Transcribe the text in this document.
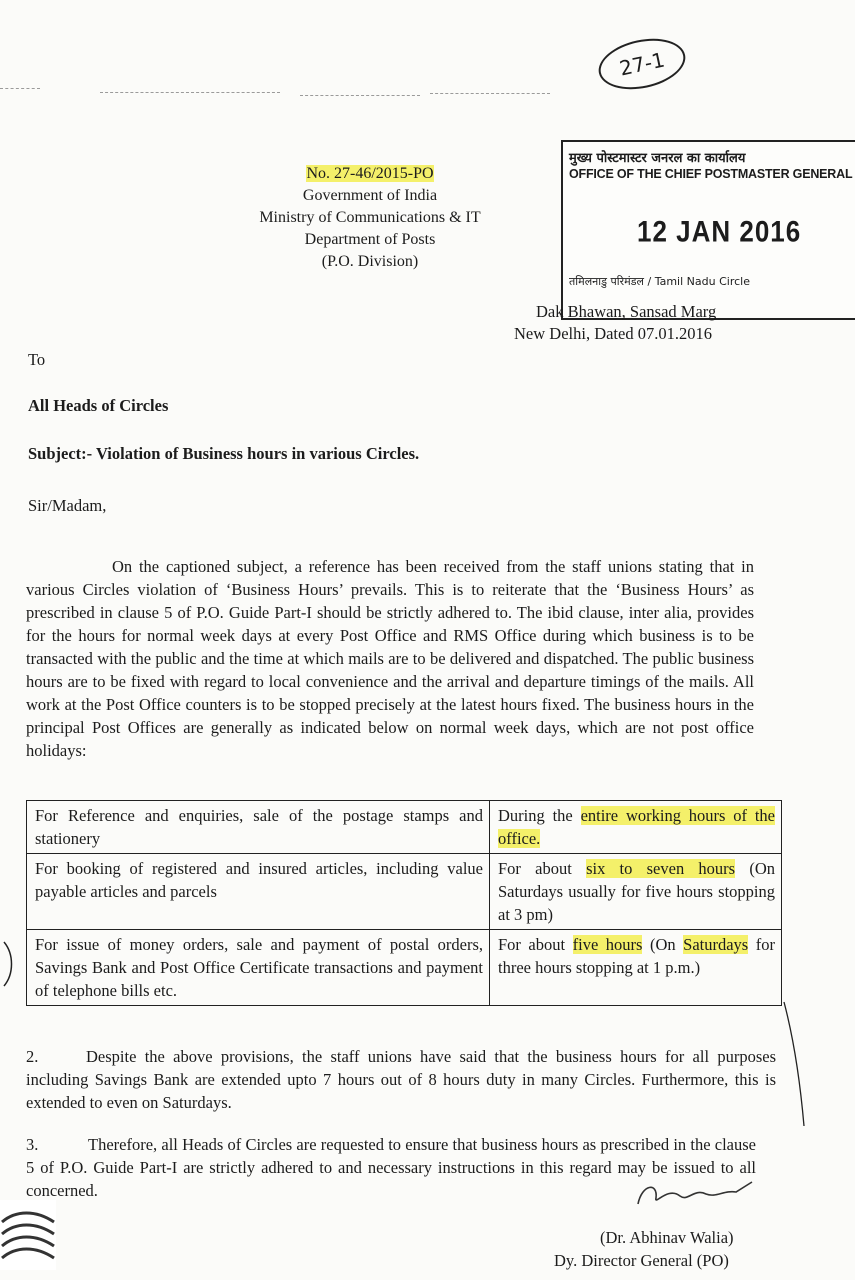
27-1
No. 27-46/2015-PO
Government of India
Ministry of Communications & IT
Department of Posts
(P.O. Division)
मुख्य पोस्टमास्टर जनरल का कार्यालय
OFFICE OF THE CHIEF POSTMASTER GENERAL
12 JAN 2016
तमिलनाडु परिमंडल / Tamil Nadu Circle
Dak Bhawan, Sansad Marg
New Delhi, Dated 07.01.2016
To
All Heads of Circles
Subject:- Violation of Business hours in various Circles.
Sir/Madam,
On the captioned subject, a reference has been received from the staff unions stating that in various Circles violation of ‘Business Hours’ prevails. This is to reiterate that the ‘Business Hours’ as prescribed in clause 5 of P.O. Guide Part-I should be strictly adhered to. The ibid clause, inter alia, provides for the hours for normal week days at every Post Office and RMS Office during which business is to be transacted with the public and the time at which mails are to be delivered and dispatched. The public business hours are to be fixed with regard to local convenience and the arrival and departure timings of the mails. All work at the Post Office counters is to be stopped precisely at the latest hours fixed. The business hours in the principal Post Offices are generally as indicated below on normal week days, which are not post office holidays:
For Reference and enquiries, sale of the postage stamps and stationery	During the entire working hours of the office.
For booking of registered and insured articles, including value payable articles and parcels	For about six to seven hours (On Saturdays usually for five hours stopping at 3 pm)
For issue of money orders, sale and payment of postal orders, Savings Bank and Post Office Certificate transactions and payment of telephone bills etc.	For about five hours (On Saturdays for three hours stopping at 1 p.m.)
2.	Despite the above provisions, the staff unions have said that the business hours for all purposes including Savings Bank are extended upto 7 hours out of 8 hours duty in many Circles. Furthermore, this is extended to even on Saturdays.
3.	Therefore, all Heads of Circles are requested to ensure that business hours as prescribed in the clause 5 of P.O. Guide Part-I are strictly adhered to and necessary instructions in this regard may be issued to all concerned.
(Dr. Abhinav Walia)
Dy. Director General (PO)
